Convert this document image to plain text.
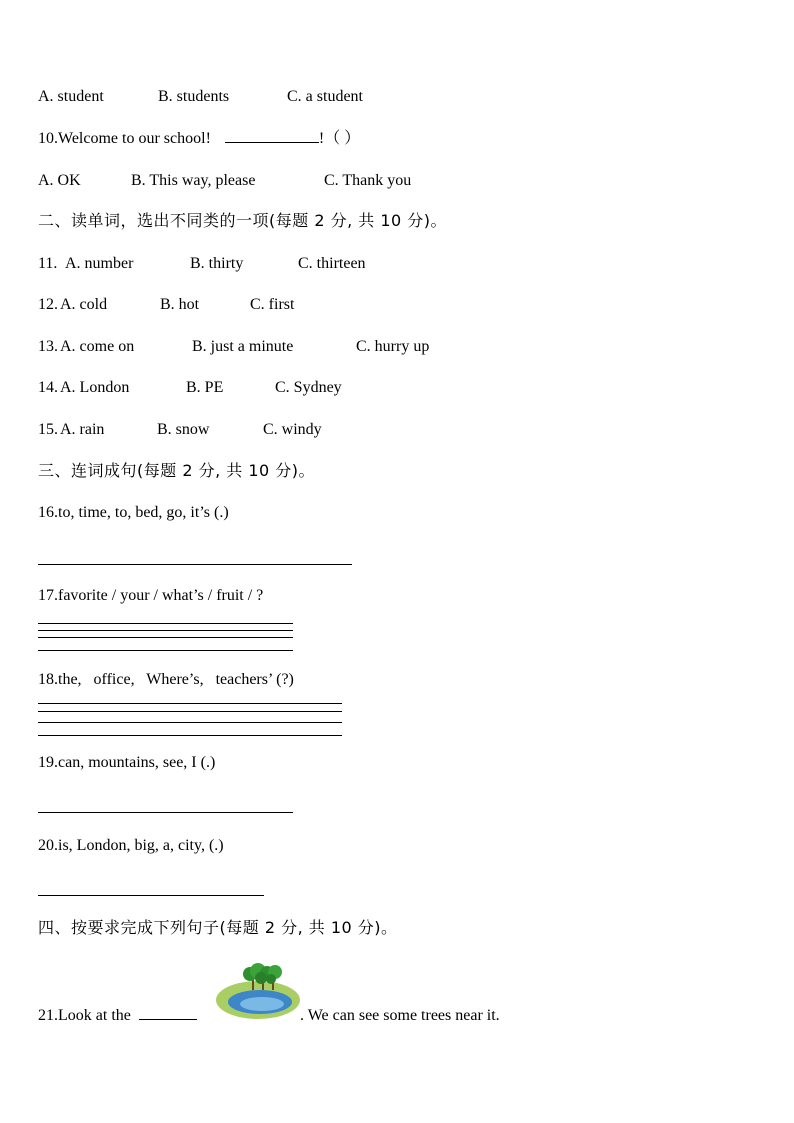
A. student	B. students	C. a student
10.Welcome to our school!	!（ ）
A. OK	B. This way, please	C. Thank you
二、读单词，选出不同类的一项(每题 2 分, 共 10 分)。
11. A. number	B. thirty	C. thirteen
12. A. cold	B. hot	C. first
13. A. come on	B. just a minute	C. hurry up
14. A. London	B. PE	C. Sydney
15. A. rain	B. snow	C. windy
三、连词成句(每题 2 分, 共 10 分)。
16.to, time, to, bed, go, it’s (.)
17.favorite / your / what’s / fruit / ?
18.the,   office,   Where’s,   teachers’ (?)
19.can, mountains, see, I (.)
20.is, London, big, a, city, (.)
四、按要求完成下列句子(每题 2 分, 共 10 分)。
21.Look at the	. We can see some trees near it.
